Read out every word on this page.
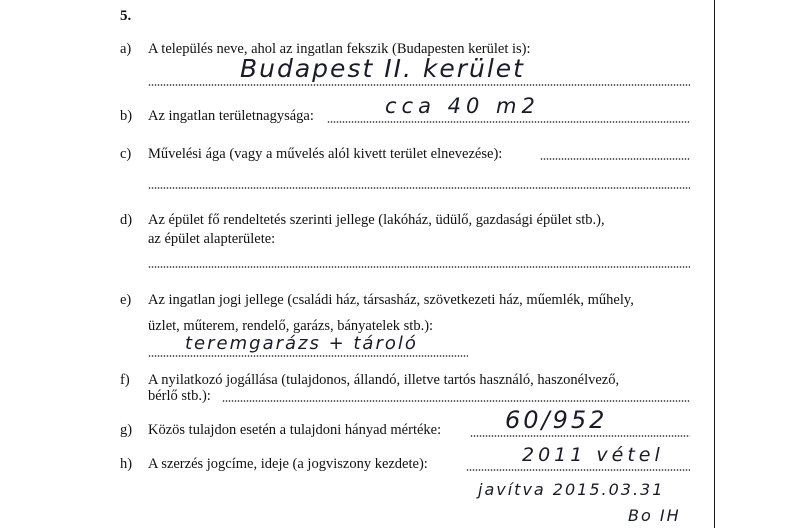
5.
a) A település neve, ahol az ingatlan fekszik (Budapesten kerület is):
Budapest II. kerület
b) Az ingatlan területnagysága:	cca 40 m2
c) Művelési ága (vagy a művelés alól kivett terület elnevezése):
d) Az épület fő rendeltetés szerinti jellege (lakóház, üdülő, gazdasági épület stb.),
az épület alapterülete:
e) Az ingatlan jogi jellege (családi ház, társasház, szövetkezeti ház, műemlék, műhely,
üzlet, műterem, rendelő, garázs, bányatelek stb.):
teremgarázs + tároló
f) A nyilatkozó jogállása (tulajdonos, állandó, illetve tartós használó, haszonélvező,
bérlő stb.):
g) Közös tulajdon esetén a tulajdoni hányad mértéke:	60/952
h) A szerzés jogcíme, ideje (a jogviszony kezdete):	2011 vétel
javítva 2015.03.31
Bo IH
